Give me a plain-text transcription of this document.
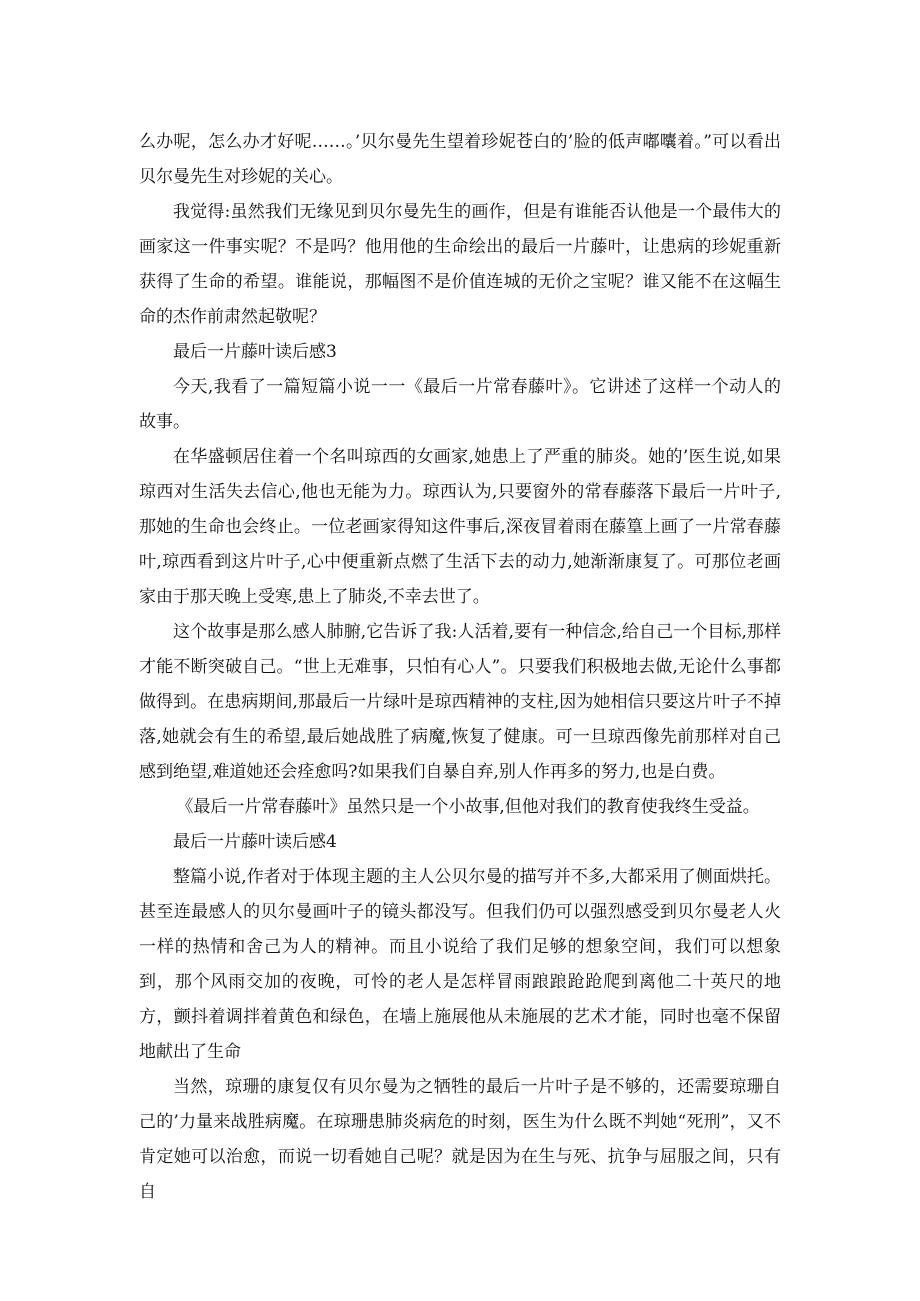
么办呢，怎么办才好呢……。’贝尔曼先生望着珍妮苍白的’脸的低声嘟囔着。”可以看出贝尔曼先生对珍妮的关心。

我觉得:虽然我们无缘见到贝尔曼先生的画作，但是有谁能否认他是一个最伟大的画家这一件事实呢？不是吗？他用他的生命绘出的最后一片藤叶，让患病的珍妮重新获得了生命的希望。谁能说，那幅图不是价值连城的无价之宝呢？谁又能不在这幅生命的杰作前肃然起敬呢？

最后一片藤叶读后感3

今天,我看了一篇短篇小说一一《最后一片常春藤叶》。它讲述了这样一个动人的故事。

在华盛顿居住着一个名叫琼西的女画家,她患上了严重的肺炎。她的’医生说,如果琼西对生活失去信心,他也无能为力。琼西认为,只要窗外的常春藤落下最后一片叶子,那她的生命也会终止。一位老画家得知这件事后,深夜冒着雨在藤篁上画了一片常春藤叶,琼西看到这片叶子,心中便重新点燃了生活下去的动力,她渐渐康复了。可那位老画家由于那天晚上受寒,患上了肺炎,不幸去世了。

这个故事是那么感人肺腑,它告诉了我:人活着,要有一种信念,给自己一个目标,那样才能不断突破自己。“世上无难事，只怕有心人”。只要我们积极地去做,无论什么事都做得到。在患病期间,那最后一片绿叶是琼西精神的支柱,因为她相信只要这片叶子不掉落,她就会有生的希望,最后她战胜了病魔,恢复了健康。可一旦琼西像先前那样对自己感到绝望,难道她还会痊愈吗?如果我们自暴自弃,别人作再多的努力,也是白费。

《最后一片常春藤叶》虽然只是一个小故事,但他对我们的教育使我终生受益。

最后一片藤叶读后感4

整篇小说,作者对于体现主题的主人公贝尔曼的描写并不多,大都采用了侧面烘托。甚至连最感人的贝尔曼画叶子的镜头都没写。但我们仍可以强烈感受到贝尔曼老人火一样的热情和舍己为人的精神。而且小说给了我们足够的想象空间，我们可以想象到，那个风雨交加的夜晚，可怜的老人是怎样冒雨踉踉跄跄爬到离他二十英尺的地方，颤抖着调拌着黄色和绿色，在墙上施展他从未施展的艺术才能，同时也毫不保留地献出了生命

当然，琼珊的康复仅有贝尔曼为之牺牲的最后一片叶子是不够的，还需要琼珊自己的’力量来战胜病魔。在琼珊患肺炎病危的时刻，医生为什么既不判她“死刑”，又不肯定她可以治愈，而说一切看她自己呢？就是因为在生与死、抗争与屈服之间，只有自
